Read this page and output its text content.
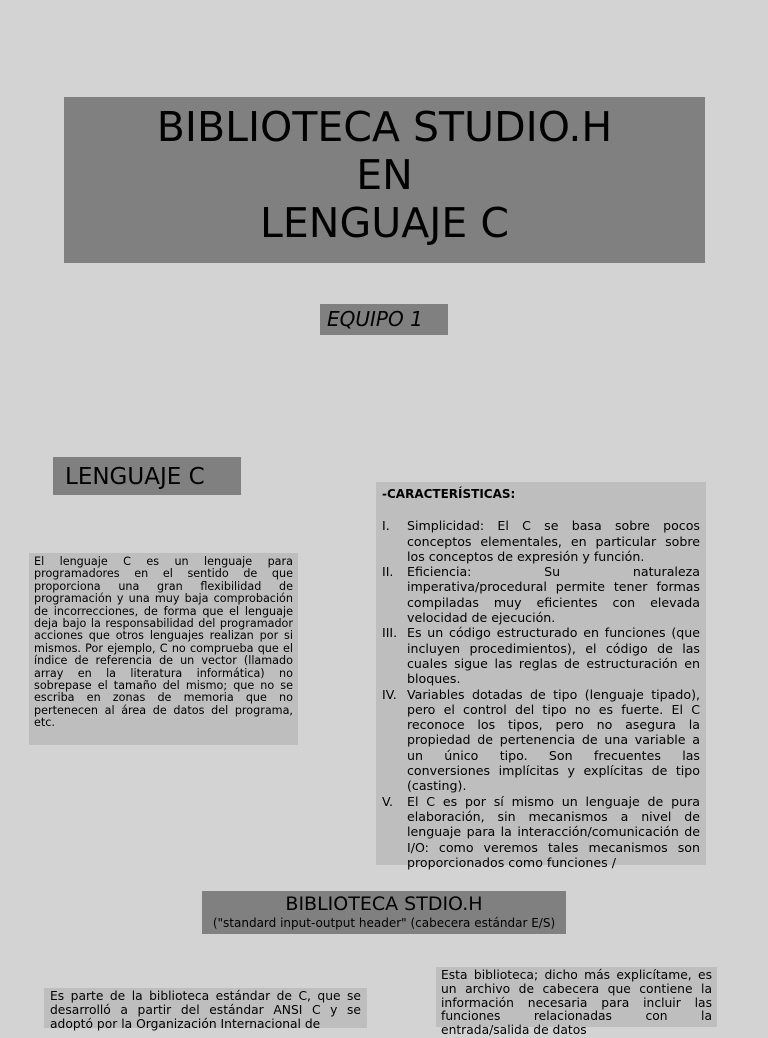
BIBLIOTECA STUDIO.H
EN
LENGUAJE C
EQUIPO 1
LENGUAJE C
El lenguaje C es un lenguaje para programadores en el sentido de que proporciona una gran flexibilidad de programación y una muy baja comprobación de incorrecciones, de forma que el lenguaje deja bajo la responsabilidad del programador acciones que otros lenguajes realizan por si mismos. Por ejemplo, C no comprueba que el índice de referencia de un vector (llamado array en la literatura informática) no sobrepase el tamaño del mismo; que no se escriba en zonas de memoria que no pertenecen al área de datos del programa, etc.
-CARACTERÍSTICAS:
I.	Simplicidad: El C se basa sobre pocos conceptos elementales, en particular sobre los conceptos de expresión y función.
II.	Eficiencia: Su naturaleza imperativa/procedural permite tener formas compiladas muy eficientes con elevada velocidad de ejecución.
III. Es un código estructurado en funciones (que incluyen procedimientos), el código de las cuales sigue las reglas de estructuración en bloques.
IV. Variables dotadas de tipo (lenguaje tipado), pero el control del tipo no es fuerte. El C reconoce los tipos, pero no asegura la propiedad de pertenencia de una variable a un único tipo. Son frecuentes las conversiones implícitas y explícitas de tipo (casting).
V.	El C es por sí mismo un lenguaje de pura elaboración, sin mecanismos a nivel de lenguaje para la interacción/comunicación de I/O: como veremos tales mecanismos son proporcionados como funciones /
BIBLIOTECA STDIO.H
("standard input-output header" (cabecera estándar E/S)
Es parte de la biblioteca estándar de C, que se desarrolló a partir del estándar ANSI C y se adoptó por la Organización Internacional de
Esta biblioteca; dicho más explicítame, es un archivo de cabecera que contiene la información necesaria para incluir las funciones relacionadas con la entrada/salida de datos
